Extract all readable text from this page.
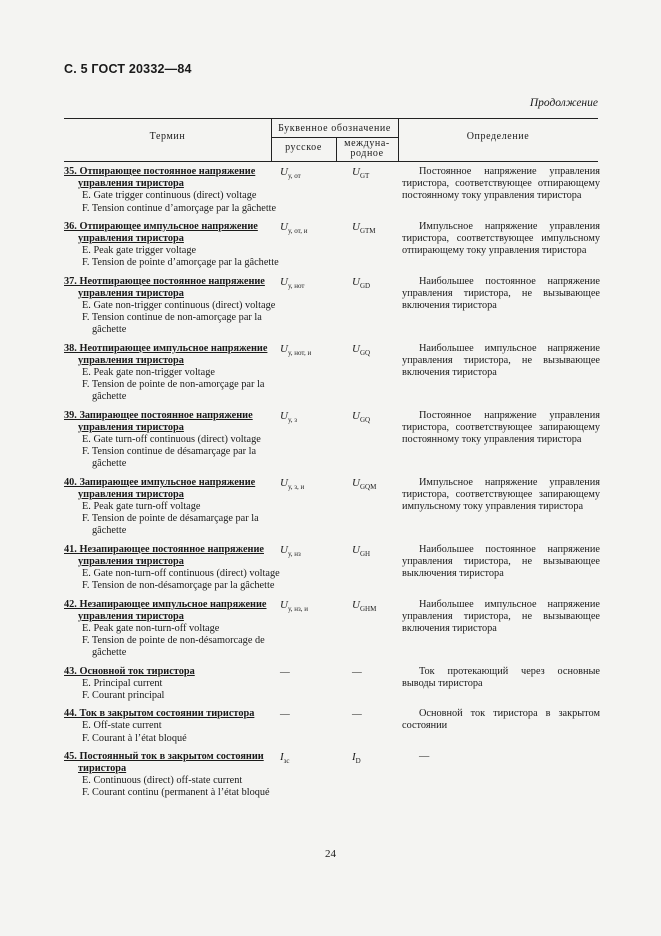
С. 5 ГОСТ 20332—84
Продолжение
Термин
Буквенное обозначение
русское	междуна-родное
Определение
35. Отпирающее постоянное напряжение управления тиристора
E. Gate trigger continuous (direct) voltage
F. Tension continue d’amorçage par la gâchette
$U_{у, от}$	$U_{GT}$	Постоянное напряжение управления тиристора, соответствующее отпирающему постоянному току управления тиристора
36. Отпирающее импульсное напряжение управления тиристора
E. Peak gate trigger voltage
F. Tension de pointe d’amorçage par la gâchette
$U_{у, от, и}$	$U_{GTM}$	Импульсное напряжение управления тиристора, соответствующее импульсному отпирающему току управления тиристора
37. Неотпирающее постоянное напряжение управления тиристора
E. Gate non-trigger continuous (direct) voltage
F. Tension continue de non-amorçage par la gâchette
$U_{у, нот}$	$U_{GD}$	Наибольшее постоянное напряжение управления тиристора, не вызывающее включения тиристора
38. Неотпирающее импульсное напряжение управления тиристора
E. Peak gate non-trigger voltage
F. Tension de pointe de non-amorçage par la gâchette
$U_{у, нот, и}$	$U_{GQ}$	Наибольшее импульсное напряжение управления тиристора, не вызывающее включения тиристора
39. Запирающее постоянное напряжение управления тиристора
E. Gate turn-off continuous (direct) voltage
F. Tension continue de désamarçage par la gâchette
$U_{у, з}$	$U_{GQ}$	Постоянное напряжение управления тиристора, соответствующее запирающему постоянному току управления тиристора
40. Запирающее импульсное напряжение управления тиристора
E. Peak gate turn-off voltage
F. Tension de pointe de désamarçage par la gâchette
$U_{у, з, и}$	$U_{GQM}$	Импульсное напряжение управления тиристора, соответствующее запирающему импульсному току управления тиристора
41. Незапирающее постоянное напряжение управления тиристора
E. Gate non-turn-off continuous (direct) voltage
F. Tension de non-désamorçage par la gâchette
$U_{у, нз}$	$U_{GH}$	Наибольшее постоянное напряжение управления тиристора, не вызывающее выключения тиристора
42. Незапирающее импульсное напряжение управления тиристора
E. Peak gate non-turn-off voltage
F. Tension de pointe de non-désamorcage de gâchette
$U_{у, нз, и}$	$U_{GHM}$	Наибольшее импульсное напряжение управления тиристора, не вызывающее включения тиристора
43. Основной ток тиристора
E. Principal current
F. Courant principal
—	—	Ток протекающий через основные выводы тиристора
44. Ток в закрытом состоянии тиристора
E. Off-state current
F. Courant à l’état bloqué
—	—	Основной ток тиристора в закрытом состоянии
45. Постоянный ток в закрытом состоянии тиристора
E. Continuous (direct) off-state current
F. Courant continu (permanent à l’état bloqué
$I_{зс}$	$I_D$	—
24
